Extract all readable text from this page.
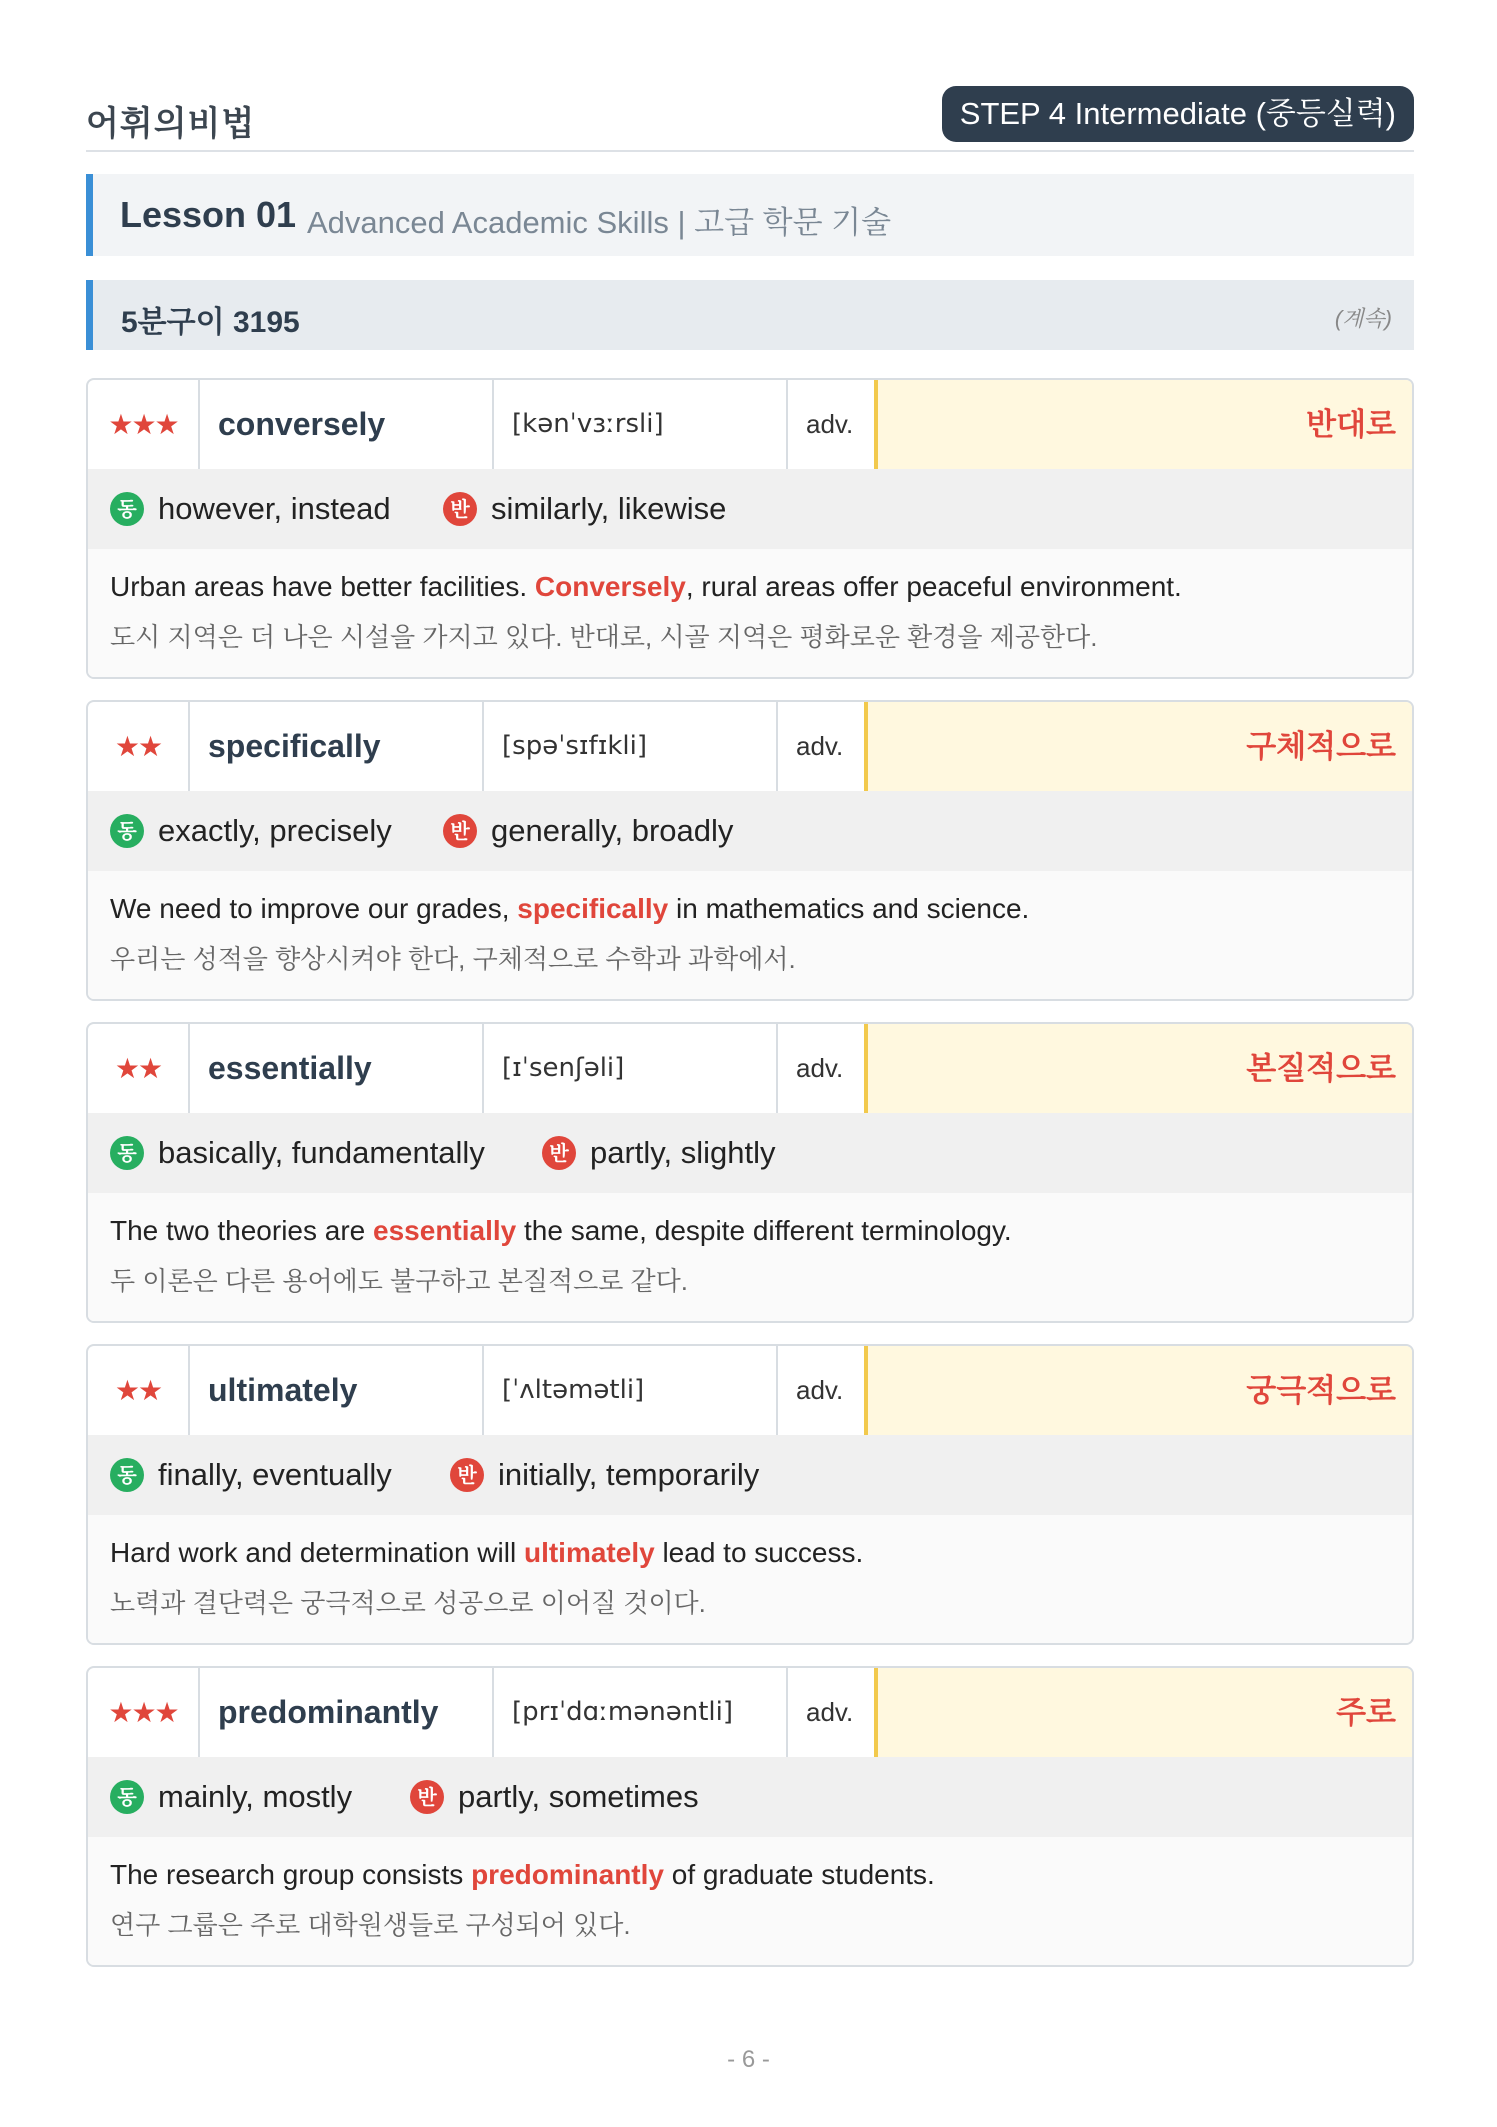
어휘의비법	STEP 4 Intermediate (중등실력)
Lesson 01 Advanced Academic Skills | 고급 학문 기술
5분구이 3195	(계속)
★★★	conversely	[kənˈvɜːrsli]	adv.	반대로
동 however, instead	반 similarly, likewise
Urban areas have better facilities. Conversely, rural areas offer peaceful environment.
도시 지역은 더 나은 시설을 가지고 있다. 반대로, 시골 지역은 평화로운 환경을 제공한다.
★★	specifically	[spəˈsɪfɪkli]	adv.	구체적으로
동 exactly, precisely	반 generally, broadly
We need to improve our grades, specifically in mathematics and science.
우리는 성적을 향상시켜야 한다, 구체적으로 수학과 과학에서.
★★	essentially	[ɪˈsenʃəli]	adv.	본질적으로
동 basically, fundamentally	반 partly, slightly
The two theories are essentially the same, despite different terminology.
두 이론은 다른 용어에도 불구하고 본질적으로 같다.
★★	ultimately	[ˈʌltəmətli]	adv.	궁극적으로
동 finally, eventually	반 initially, temporarily
Hard work and determination will ultimately lead to success.
노력과 결단력은 궁극적으로 성공으로 이어질 것이다.
★★★	predominantly	[prɪˈdɑːmənəntli]	adv.	주로
동 mainly, mostly	반 partly, sometimes
The research group consists predominantly of graduate students.
연구 그룹은 주로 대학원생들로 구성되어 있다.
- 6 -
